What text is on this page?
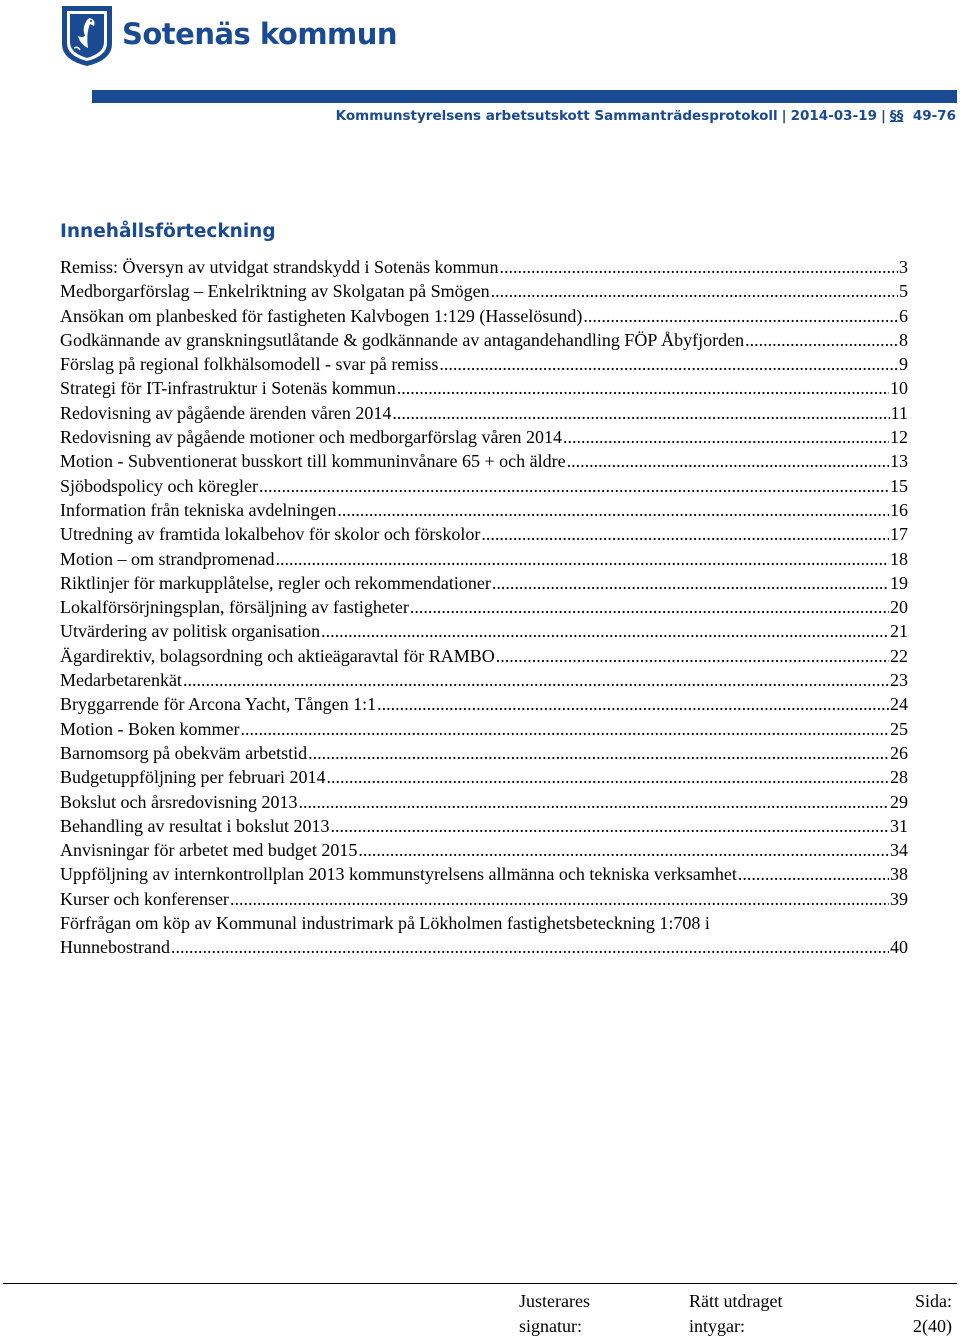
Sotenäs kommun
Kommunstyrelsens arbetsutskott Sammanträdesprotokoll | 2014-03-19 | §§ 49-76
Innehållsförteckning
Remiss: Översyn av utvidgat strandskydd i Sotenäs kommun .....	3
Medborgarförslag – Enkelriktning av Skolgatan på Smögen .....	5
Ansökan om planbesked för fastigheten Kalvbogen 1:129 (Hasselösund) .....	6
Godkännande av granskningsutlåtande & godkännande av antagandehandling FÖP Åbyfjorden .....	8
Förslag på regional folkhälsomodell - svar på remiss .....	9
Strategi för IT-infrastruktur i Sotenäs kommun .....	10
Redovisning av pågående ärenden våren 2014 .....	11
Redovisning av pågående motioner och medborgarförslag våren 2014 .....	12
Motion - Subventionerat busskort till kommuninvånare 65 + och äldre .....	13
Sjöbodspolicy och köregler .....	15
Information från tekniska avdelningen .....	16
Utredning av framtida lokalbehov för skolor och förskolor .....	17
Motion – om strandpromenad .....	18
Riktlinjer för markupplåtelse, regler och rekommendationer .....	19
Lokalförsörjningsplan, försäljning av fastigheter .....	20
Utvärdering av politisk organisation .....	21
Ägardirektiv, bolagsordning och aktieägaravtal för RAMBO .....	22
Medarbetarenkät .....	23
Bryggarrende för Arcona Yacht, Tången 1:1 .....	24
Motion - Boken kommer .....	25
Barnomsorg på obekväm arbetstid .....	26
Budgetuppföljning per februari 2014 .....	28
Bokslut och årsredovisning 2013 .....	29
Behandling av resultat i bokslut 2013 .....	31
Anvisningar för arbetet med budget 2015 .....	34
Uppföljning av internkontrollplan 2013 kommunstyrelsens allmänna och tekniska verksamhet .....	38
Kurser och konferenser .....	39
Förfrågan om köp av Kommunal industrimark på Lökholmen fastighetsbeteckning 1:708 i
Hunnebostrand .....	40
Justerares
signatur:
Rätt utdraget
intygar:
Sida:
2(40)
